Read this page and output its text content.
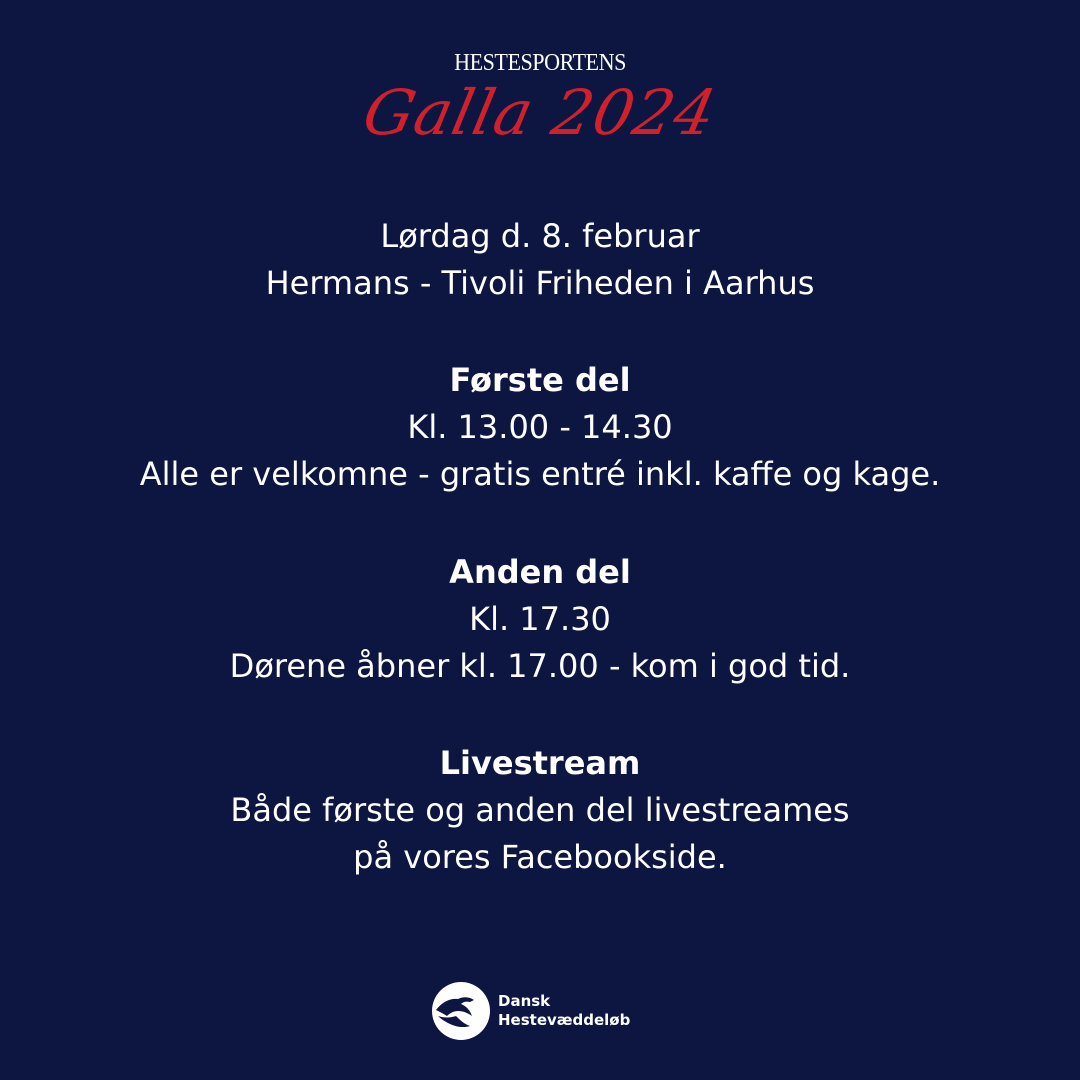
HESTESPORTENS
Galla 2024
Lørdag d. 8. februar
Hermans - Tivoli Friheden i Aarhus
Første del
Kl. 13.00 - 14.30
Alle er velkomne - gratis entré inkl. kaffe og kage.
Anden del
Kl. 17.30
Dørene åbner kl. 17.00 - kom i god tid.
Livestream
Både første og anden del livestreames
på vores Facebookside.
Dansk
Hestevæddeløb
